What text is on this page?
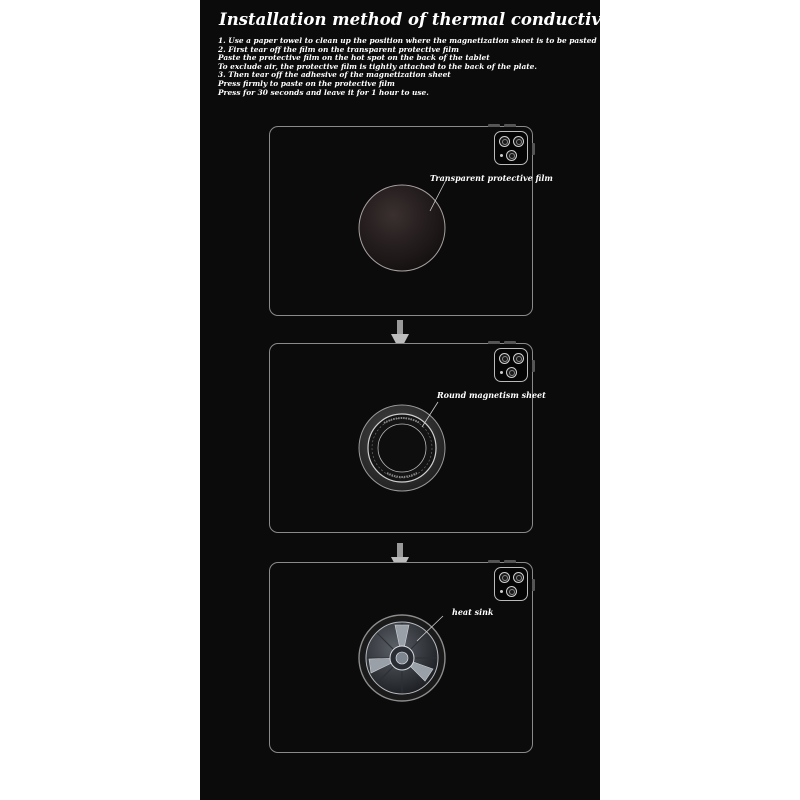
Installation method of thermal conductive magnet
1. Use a paper towel to clean up the position where the magnetization sheet is to be pasted
2. First tear off the film on the transparent protective film
Paste the protective film on the hot spot on the back of the tablet
To exclude air, the protective film is tightly attached to the back of the plate.
3. Then tear off the adhesive of the magnetization sheet
Press firmly to paste on the protective film
Press for 30 seconds and leave it for 1 hour to use.

Transparent protective film

Round magnetism sheet

heat sink
